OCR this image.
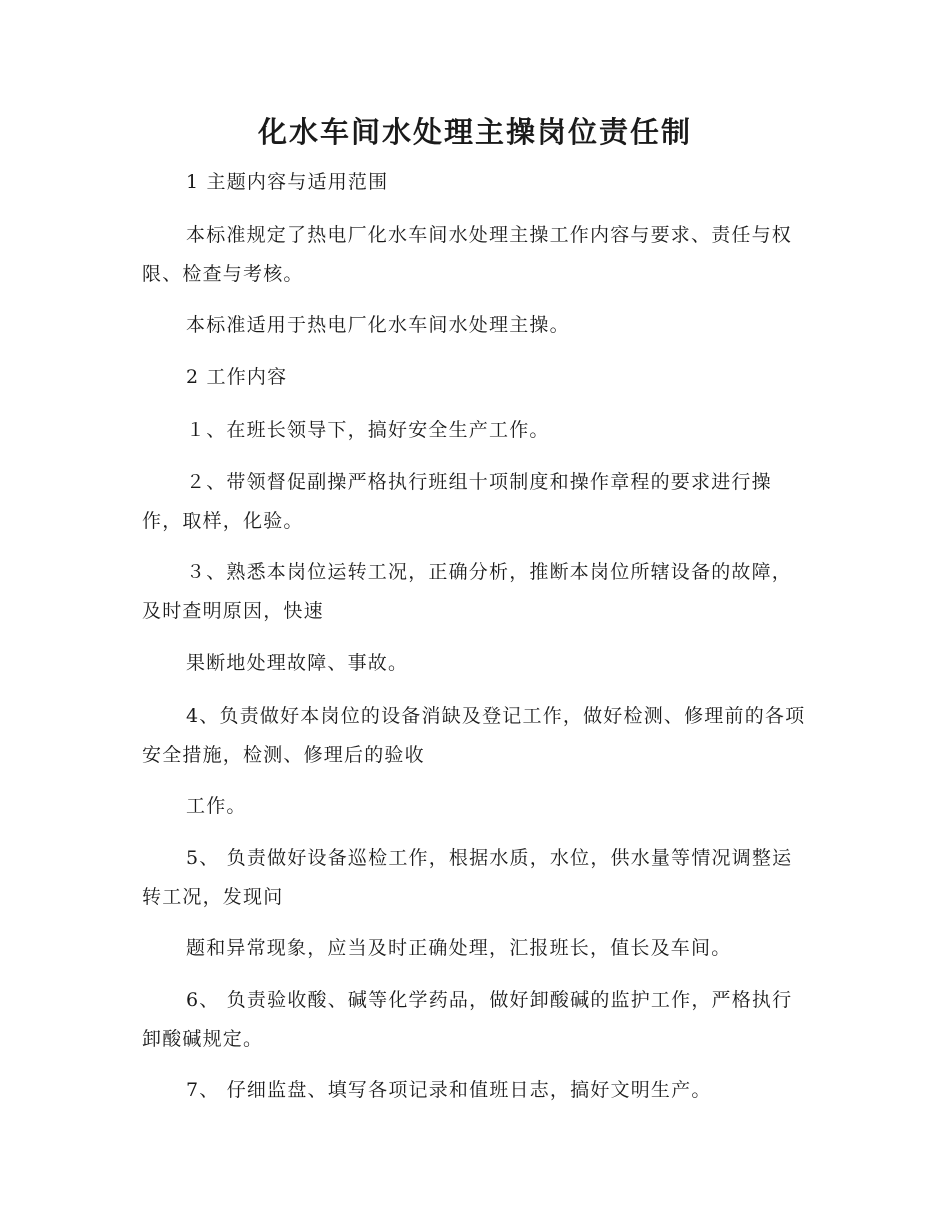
化水车间水处理主操岗位责任制

1 主题内容与适用范围

本标准规定了热电厂化水车间水处理主操工作内容与要求、责任与权限、检查与考核。

本标准适用于热电厂化水车间水处理主操。

2 工作内容

１、在班长领导下，搞好安全生产工作。

２、带领督促副操严格执行班组十项制度和操作章程的要求进行操作，取样，化验。

３、熟悉本岗位运转工况，正确分析，推断本岗位所辖设备的故障，及时查明原因，快速

果断地处理故障、事故。

4、负责做好本岗位的设备消缺及登记工作，做好检测、修理前的各项安全措施，检测、修理后的验收

工作。

5、 负责做好设备巡检工作，根据水质，水位，供水量等情况调整运转工况，发现问

题和异常现象，应当及时正确处理，汇报班长，值长及车间。

6、 负责验收酸、碱等化学药品，做好卸酸碱的监护工作，严格执行卸酸碱规定。

7、 仔细监盘、填写各项记录和值班日志，搞好文明生产。
